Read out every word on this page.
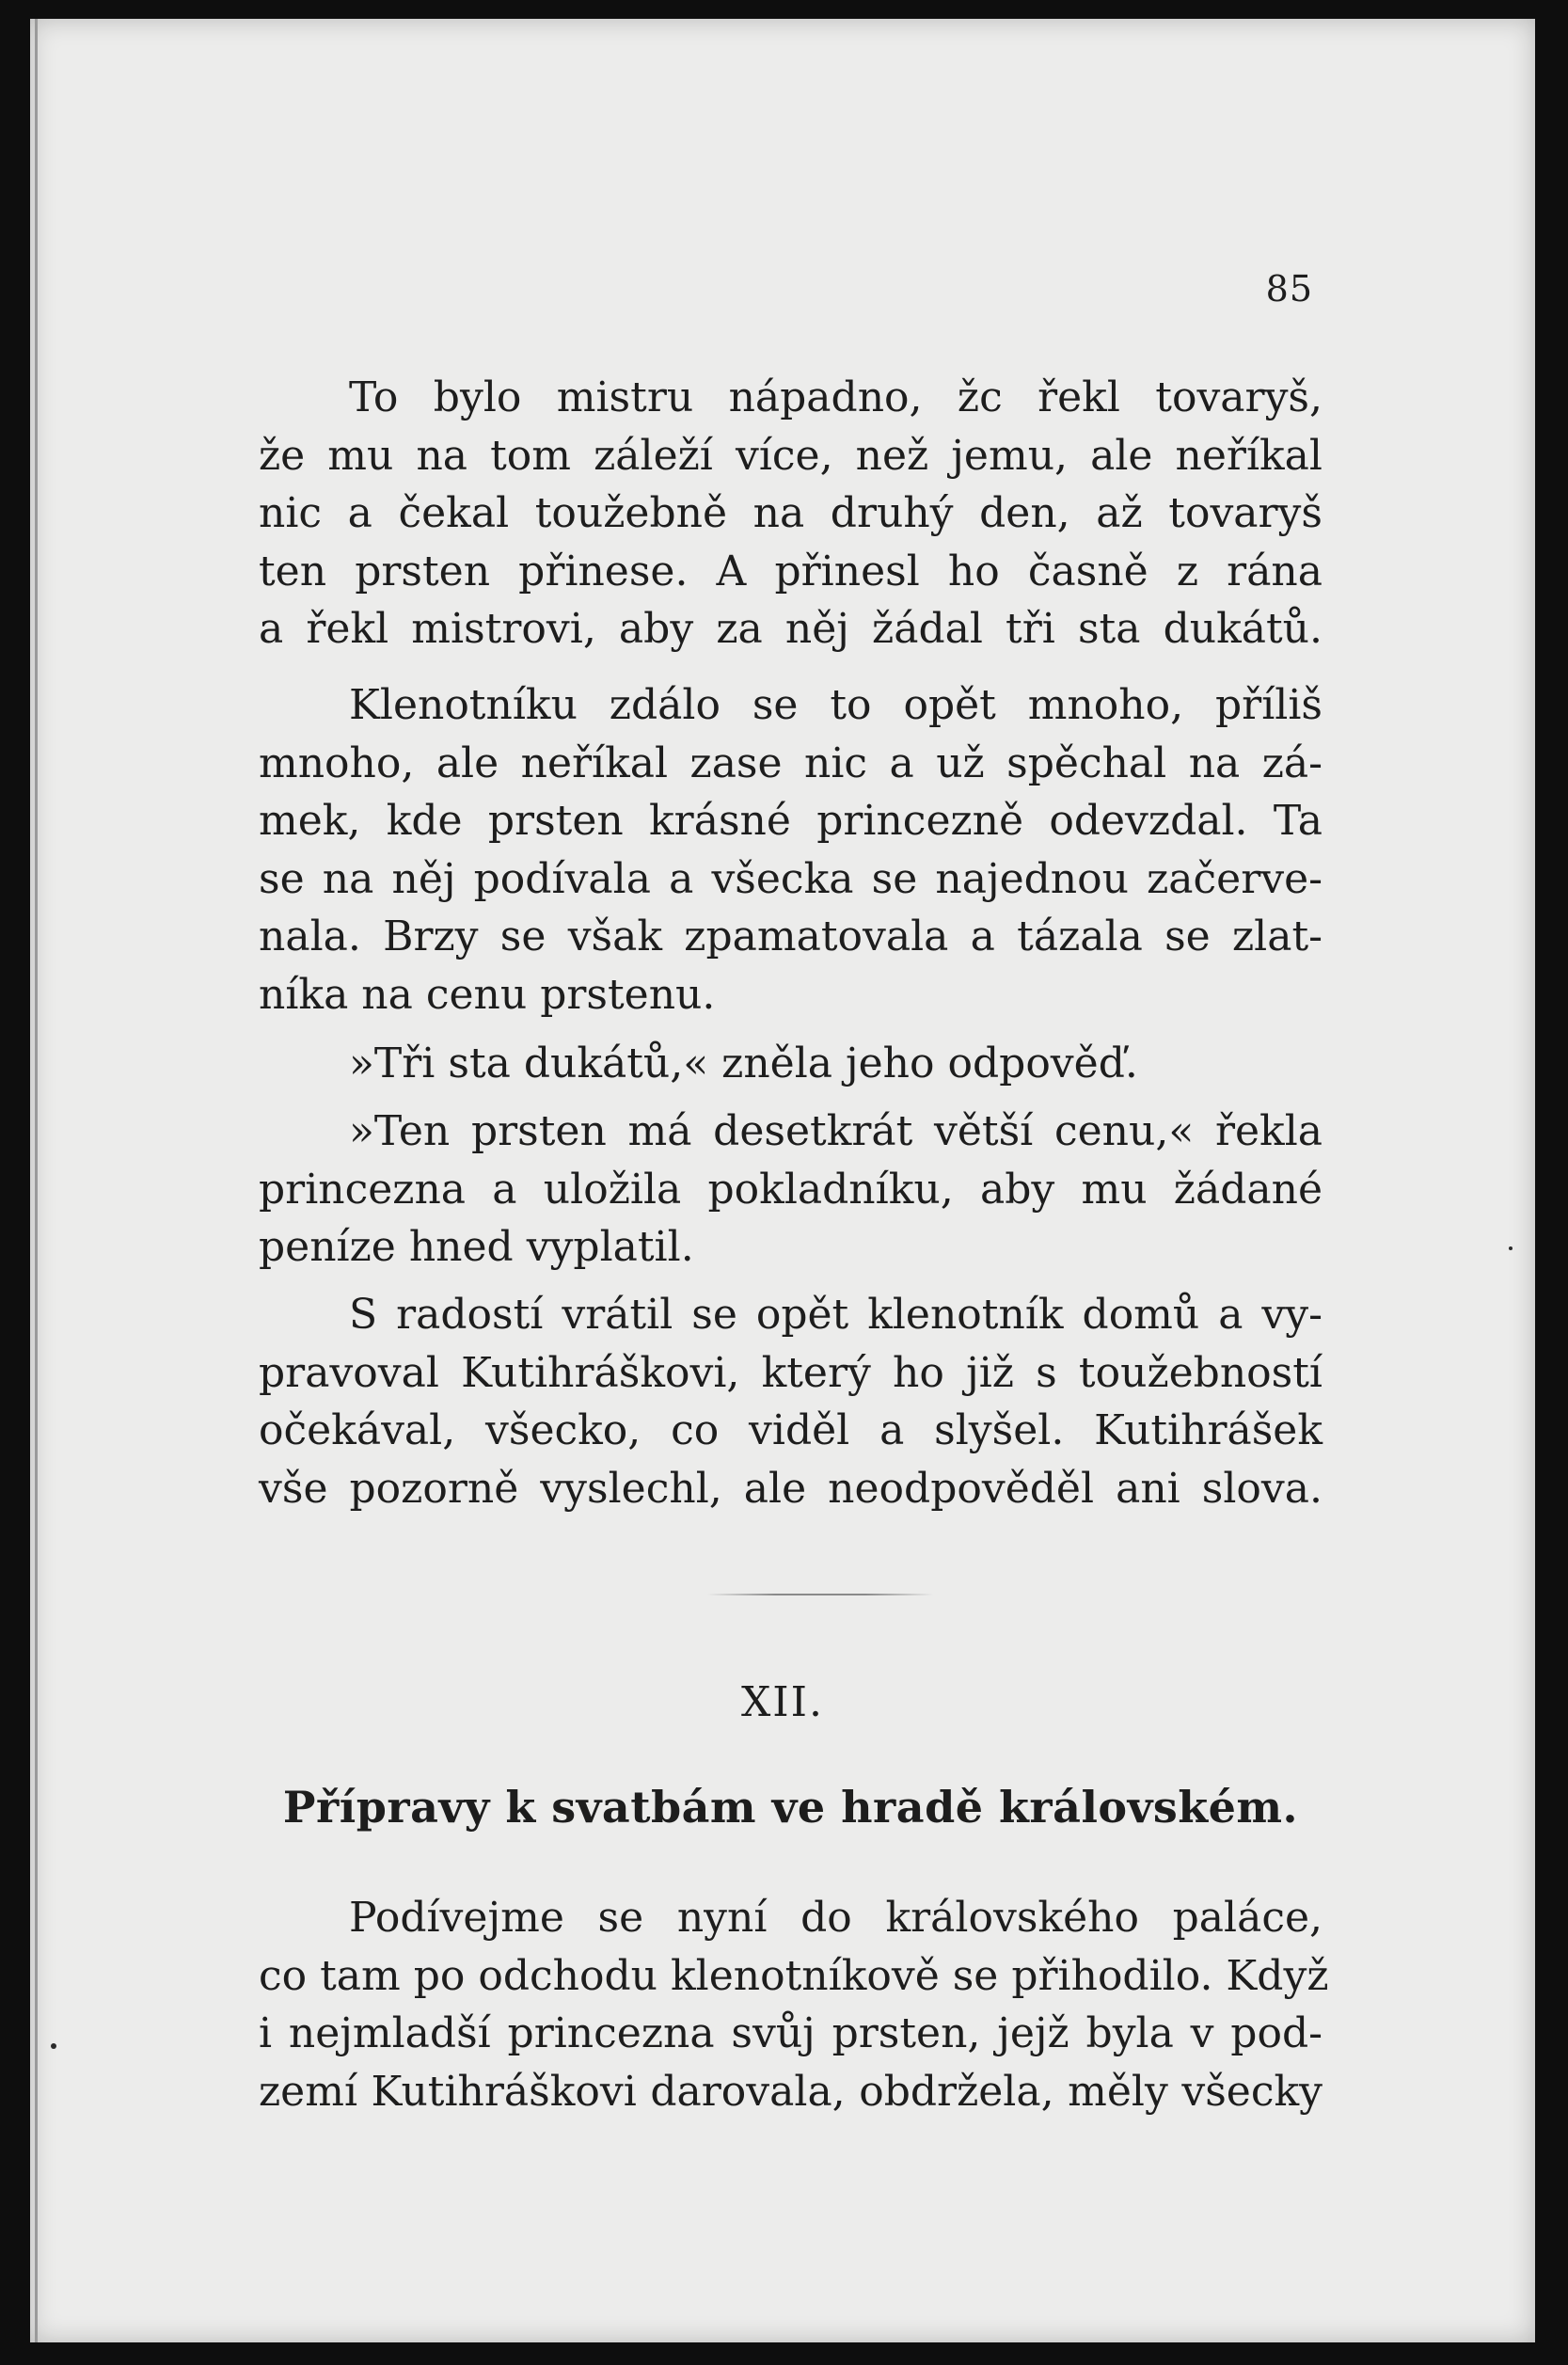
85
To bylo mistru nápadno, žc řekl tovaryš,
že mu na tom záleží více, než jemu, ale neříkal
nic a čekal toužebně na druhý den, až tovaryš
ten prsten přinese. A přinesl ho časně z rána
a řekl mistrovi, aby za něj žádal tři sta dukátů.
Klenotníku zdálo se to opět mnoho, příliš
mnoho, ale neříkal zase nic a už spěchal na zá-
mek, kde prsten krásné princezně odevzdal. Ta
se na něj podívala a všecka se najednou začerve-
nala. Brzy se však zpamatovala a tázala se zlat-
níka na cenu prstenu.
»Tři sta dukátů,« zněla jeho odpověď.
»Ten prsten má desetkrát větší cenu,« řekla
princezna a uložila pokladníku, aby mu žádané
peníze hned vyplatil.
S radostí vrátil se opět klenotník domů a vy-
pravoval Kutihráškovi, který ho již s toužebností
očekával, všecko, co viděl a slyšel. Kutihrášek
vše pozorně vyslechl, ale neodpověděl ani slova.
XII.
Přípravy k svatbám ve hradě královském.
Podívejme se nyní do královského paláce,
co tam po odchodu klenotníkově se přihodilo. Když
i nejmladší princezna svůj prsten, jejž byla v pod-
zemí Kutihráškovi darovala, obdržela, měly všecky
